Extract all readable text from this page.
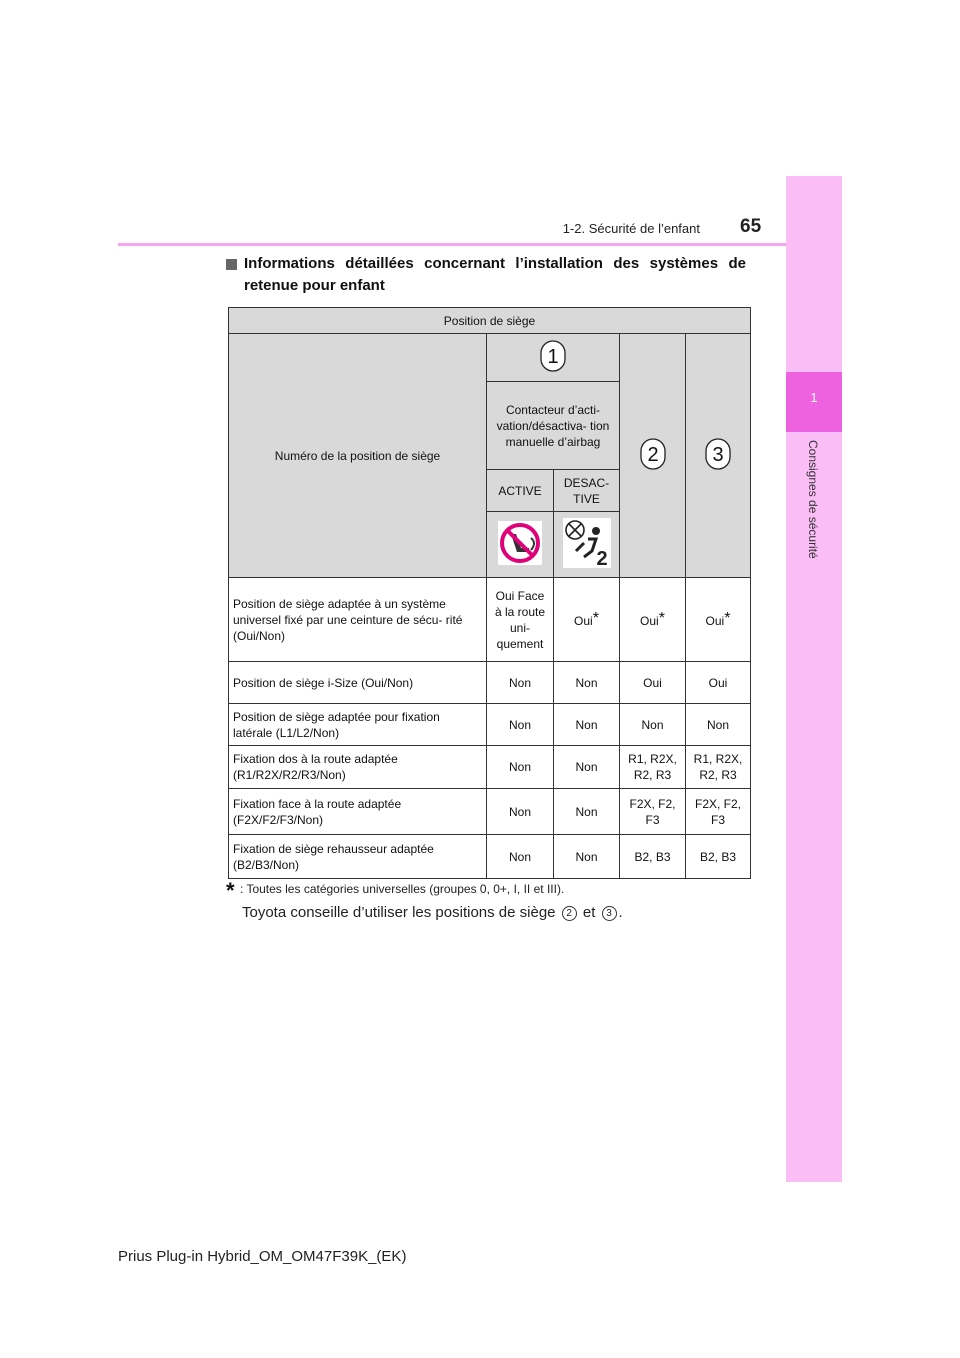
1-2. Sécurité de l’enfant 65
1
Consignes de sécurité
Informations détaillées concernant l’installation des systèmes de retenue pour enfant
Position de siège				
Numéro de la position de siège	1		2	3

	Contacteur d’acti- vation/désactiva- tion manuelle d’airbag			
	ACTIVE	DESAC- TIVE		

2		

Position de siège adaptée à un système universel fixé par une ceinture de sécu- rité (Oui/Non)	Oui Face à la route uni- quement	Oui*	Oui*	Oui*
Position de siège i-Size (Oui/Non)	Non	Non	Oui	Oui
Position de siège adaptée pour fixation latérale (L1/L2/Non)	Non	Non	Non	Non
Fixation dos à la route adaptée (R1/R2X/R2/R3/Non)	Non	Non	R1, R2X, R2, R3	R1, R2X, R2, R3
Fixation face à la route adaptée (F2X/F2/F3/Non)	Non	Non	F2X, F2, F3	F2X, F2, F3
Fixation de siège rehausseur adaptée (B2/B3/Non)	Non	Non	B2, B3	B2, B3
* : Toutes les catégories universelles (groupes 0, 0+, I, II et III).
Toyota conseille d’utiliser les positions de siège 2 et 3 .
Prius Plug-in Hybrid_OM_OM47F39K_(EK)
